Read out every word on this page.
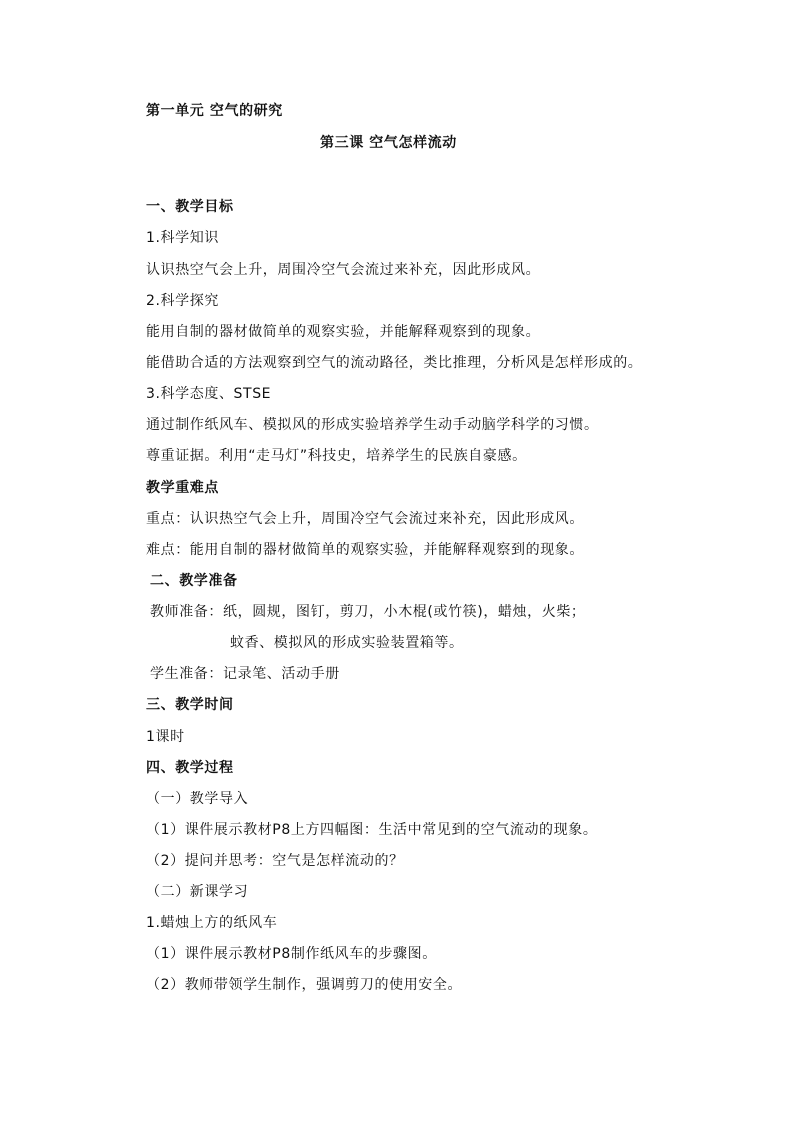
第一单元 空气的研究

第三课 空气怎样流动

一、教学目标

1.科学知识

认识热空气会上升，周围冷空气会流过来补充，因此形成风。

2.科学探究

能用自制的器材做简单的观察实验，并能解释观察到的现象。

能借助合适的方法观察到空气的流动路径，类比推理，分析风是怎样形成的。

3.科学态度、STSE

通过制作纸风车、模拟风的形成实验培养学生动手动脑学科学的习惯。

尊重证据。利用“走马灯”科技史，培养学生的民族自豪感。

教学重难点

重点：认识热空气会上升，周围冷空气会流过来补充，因此形成风。

难点：能用自制的器材做简单的观察实验，并能解释观察到的现象。

二、教学准备

教师准备：纸，圆规，图钉，剪刀，小木棍(或竹筷)，蜡烛，火柴；

蚊香、模拟风的形成实验装置箱等。

学生准备：记录笔、活动手册

三、教学时间

1课时

四、教学过程

（一）教学导入

（1）课件展示教材P8上方四幅图：生活中常见到的空气流动的现象。

（2）提问并思考：空气是怎样流动的？

（二）新课学习

1.蜡烛上方的纸风车

（1）课件展示教材P8制作纸风车的步骤图。

（2）教师带领学生制作，强调剪刀的使用安全。
